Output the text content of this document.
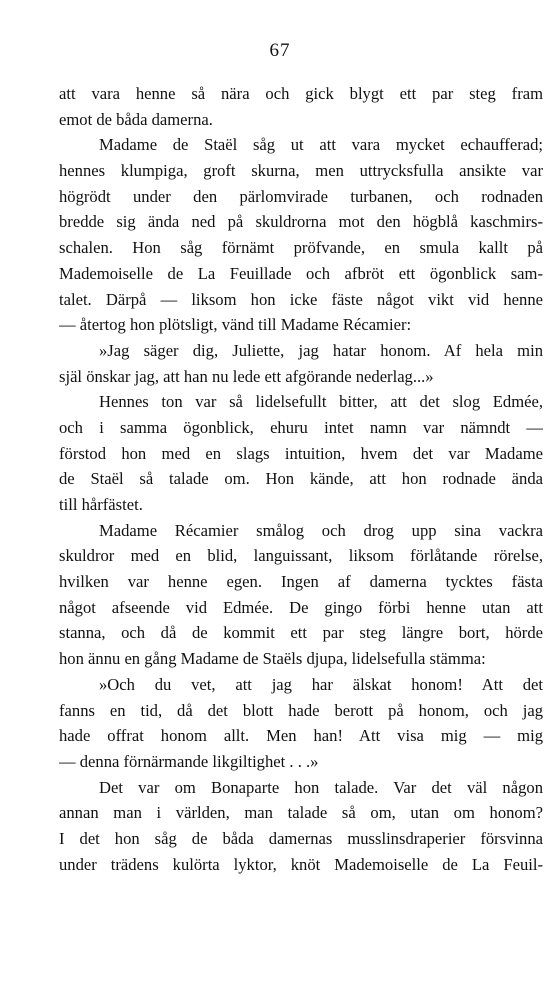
67
att vara henne så nära och gick blygt ett par steg fram
emot de båda damerna.
Madame de Staël såg ut att vara mycket echaufferad;
hennes klumpiga, groft skurna, men uttrycksfulla ansikte var
högrödt under den pärlomvirade turbanen, och rodnaden
bredde sig ända ned på skuldrorna mot den högblå kaschmirs-
schalen. Hon såg förnämt pröfvande, en smula kallt på
Mademoiselle de La Feuillade och afbröt ett ögonblick sam-
talet. Därpå — liksom hon icke fäste något vikt vid henne
— återtog hon plötsligt, vänd till Madame Récamier:
»Jag säger dig, Juliette, jag hatar honom. Af hela min
själ önskar jag, att han nu lede ett afgörande nederlag...»
Hennes ton var så lidelsefullt bitter, att det slog Edmée,
och i samma ögonblick, ehuru intet namn var nämndt —
förstod hon med en slags intuition, hvem det var Madame
de Staël så talade om. Hon kände, att hon rodnade ända
till hårfästet.
Madame Récamier smålog och drog upp sina vackra
skuldror med en blid, languissant, liksom förlåtande rörelse,
hvilken var henne egen. Ingen af damerna tycktes fästa
något afseende vid Edmée. De gingo förbi henne utan att
stanna, och då de kommit ett par steg längre bort, hörde
hon ännu en gång Madame de Staëls djupa, lidelsefulla stämma:
»Och du vet, att jag har älskat honom! Att det
fanns en tid, då det blott hade berott på honom, och jag
hade offrat honom allt. Men han! Att visa mig — mig
— denna förnärmande likgiltighet . . .»
Det var om Bonaparte hon talade. Var det väl någon
annan man i världen, man talade så om, utan om honom?
I det hon såg de båda damernas musslinsdraperier försvinna
under trädens kulörta lyktor, knöt Mademoiselle de La Feuil-
